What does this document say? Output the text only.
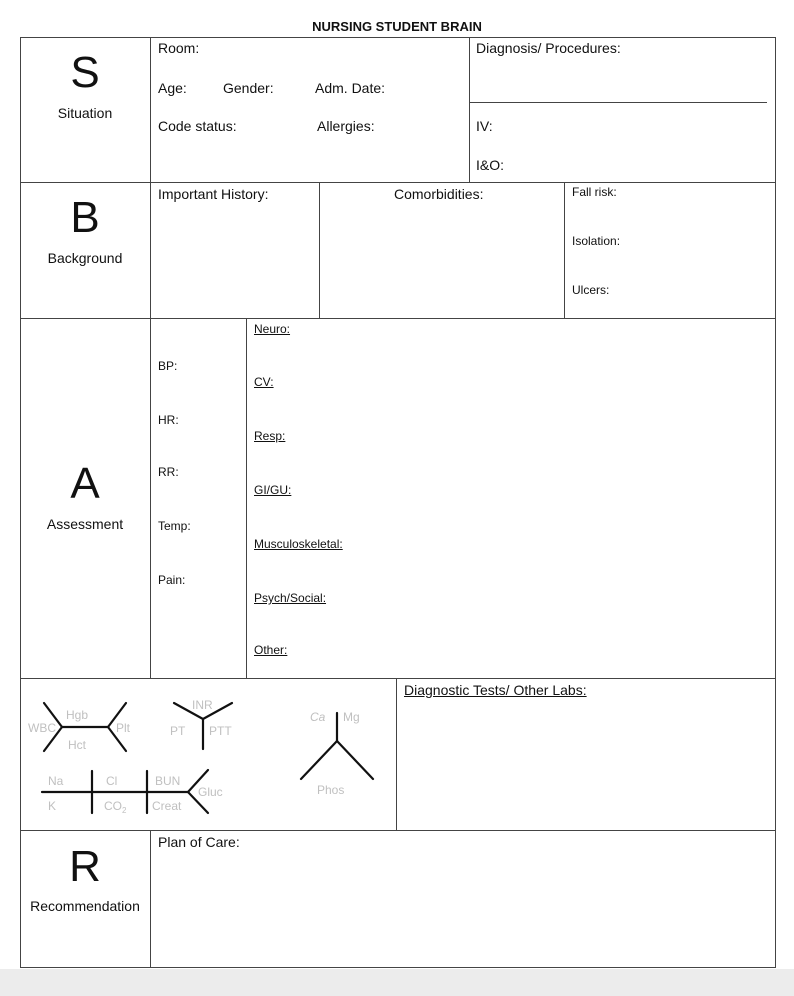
NURSING STUDENT BRAIN
S
Situation
Room:
Age:	Gender:	Adm. Date:
Code status:	Allergies:
Diagnosis/ Procedures:
IV:
I&O:
B
Background
Important History:	Comorbidities:	Fall risk:
Isolation:
Ulcers:
A
Assessment
BP:
HR:
RR:
Temp:
Pain:
Neuro:
CV:
Resp:
GI/GU:
Musculoskeletal:
Psych/Social:
Other:
Hgb
WBC	Plt
Hct
INR
PT PTT
Na	Cl	BUN
Gluc
K	$CO_2$ Creat
Ca Mg
Phos
Diagnostic Tests/ Other Labs:
R
Recommendation
Plan of Care:
